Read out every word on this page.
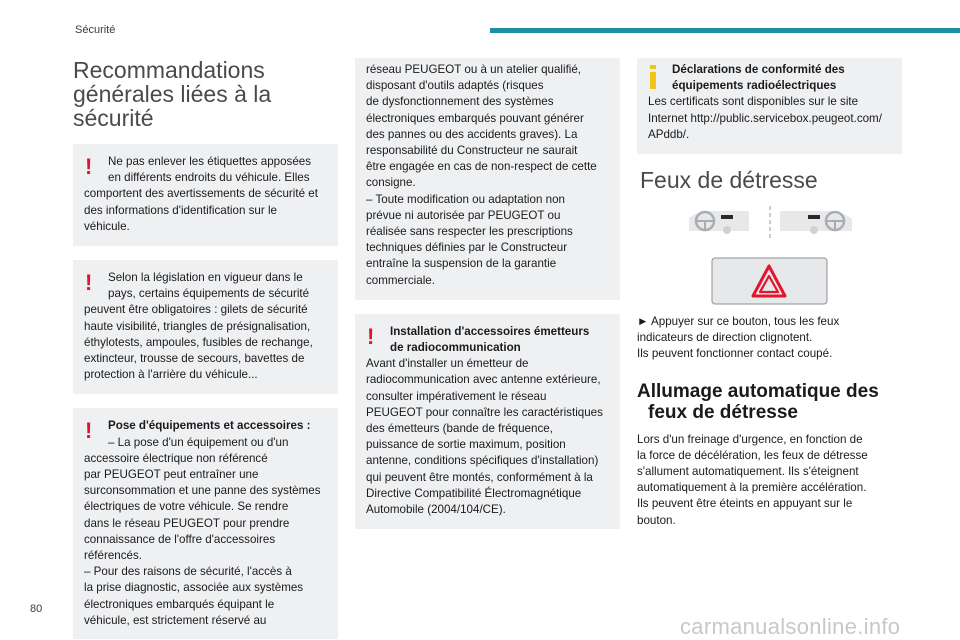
Sécurité
Recommandations
générales liées à la
sécurité
!	Ne pas enlever les étiquettes apposées
en différents endroits du véhicule. Elles

comportent des avertissements de sécurité et

des informations d'identification sur le

véhicule.

!	Selon la législation en vigueur dans le
pays, certains équipements de sécurité

peuvent être obligatoires : gilets de sécurité

haute visibilité, triangles de présignalisation,

éthylotests, ampoules, fusibles de rechange,

extincteur, trousse de secours, bavettes de

protection à l'arrière du véhicule...

!	Pose d'équipements et accessoires :
– La pose d'un équipement ou d'un

accessoire électrique non référencé

par PEUGEOT peut entraîner une

surconsommation et une panne des systèmes

électriques de votre véhicule. Se rendre

dans le réseau PEUGEOT pour prendre

connaissance de l'offre d'accessoires

référencés.

– Pour des raisons de sécurité, l'accès à

la prise diagnostic, associée aux systèmes

électroniques embarqués équipant le

véhicule, est strictement réservé au

réseau PEUGEOT ou à un atelier qualifié,

disposant d'outils adaptés (risques

de dysfonctionnement des systèmes

électroniques embarqués pouvant générer

des pannes ou des accidents graves). La

responsabilité du Constructeur ne saurait

être engagée en cas de non-respect de cette

consigne.

– Toute modification ou adaptation non

prévue ni autorisée par PEUGEOT ou

réalisée sans respecter les prescriptions

techniques définies par le Constructeur

entraîne la suspension de la garantie

commerciale.

!	Installation d'accessoires émetteurs
de radiocommunication

Avant d'installer un émetteur de

radiocommunication avec antenne extérieure,

consulter impérativement le réseau

PEUGEOT pour connaître les caractéristiques

des émetteurs (bande de fréquence,

puissance de sortie maximum, position

antenne, conditions spécifiques d'installation)

qui peuvent être montés, conformément à la

Directive Compatibilité Électromagnétique

Automobile (2004/104/CE).

Déclarations de conformité des
équipements radioélectriques

Les certificats sont disponibles sur le site

Internet http://public.servicebox.peugeot.com/

APddb/.

Feux de détresse

► Appuyer sur ce bouton, tous les feux

indicateurs de direction clignotent.

Ils peuvent fonctionner contact coupé.

Allumage automatique des
feux de détresse

Lors d'un freinage d'urgence, en fonction de

la force de décélération, les feux de détresse

s'allument automatiquement. Ils s'éteignent

automatiquement à la première accélération.

Ils peuvent être éteints en appuyant sur le

bouton.

80
carmanualsonline.info
